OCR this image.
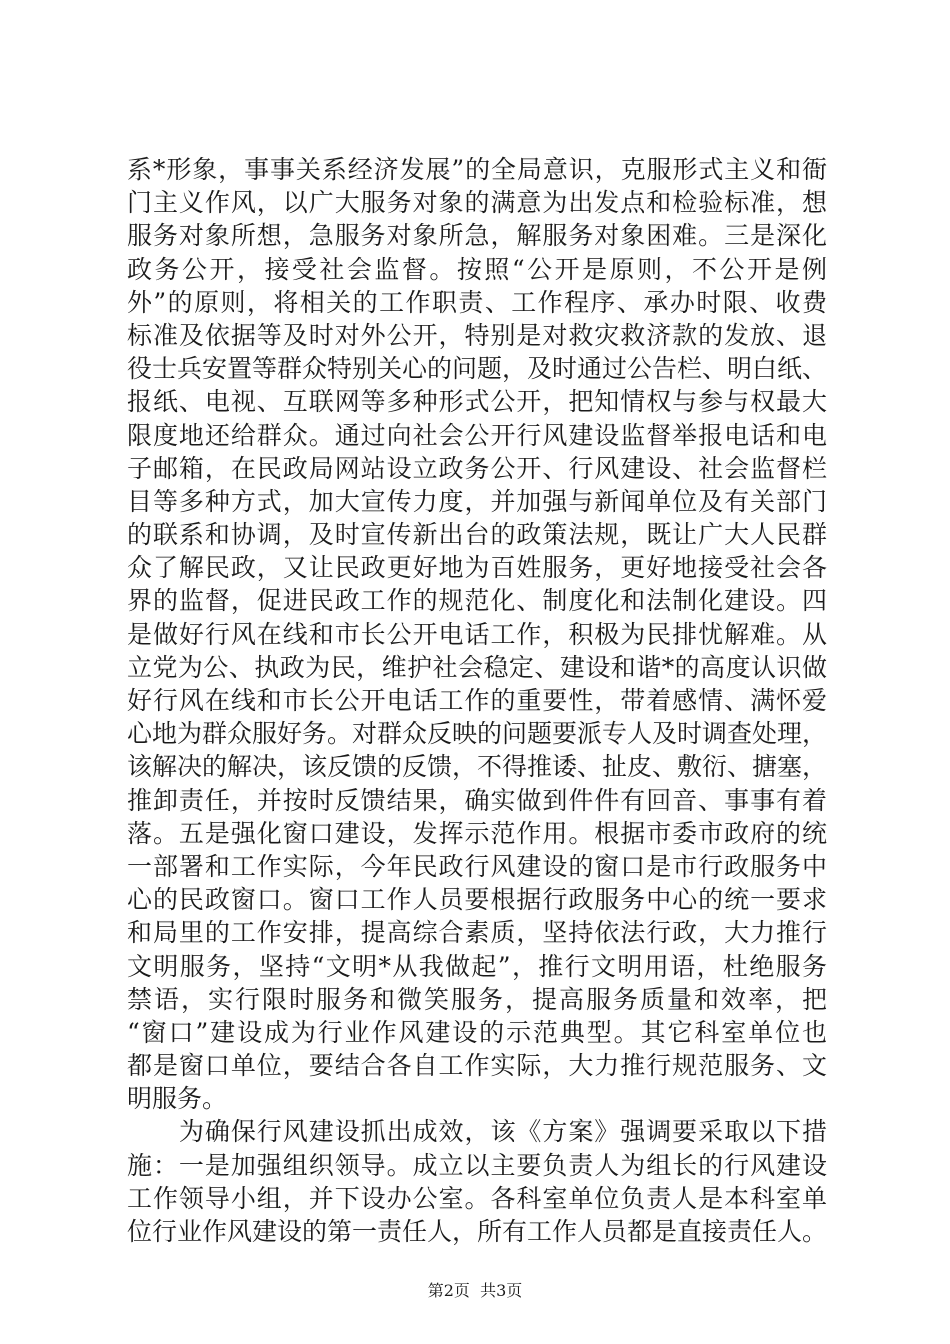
系*形象，事事关系经济发展”的全局意识，克服形式主义和衙
门主义作风，以广大服务对象的满意为出发点和检验标准，想
服务对象所想，急服务对象所急，解服务对象困难。三是深化
政务公开，接受社会监督。按照“公开是原则，不公开是例
外”的原则，将相关的工作职责、工作程序、承办时限、收费
标准及依据等及时对外公开，特别是对救灾救济款的发放、退
役士兵安置等群众特别关心的问题，及时通过公告栏、明白纸、
报纸、电视、互联网等多种形式公开，把知情权与参与权最大
限度地还给群众。通过向社会公开行风建设监督举报电话和电
子邮箱，在民政局网站设立政务公开、行风建设、社会监督栏
目等多种方式，加大宣传力度，并加强与新闻单位及有关部门
的联系和协调，及时宣传新出台的政策法规，既让广大人民群
众了解民政，又让民政更好地为百姓服务，更好地接受社会各
界的监督，促进民政工作的规范化、制度化和法制化建设。四
是做好行风在线和市长公开电话工作，积极为民排忧解难。从
立党为公、执政为民，维护社会稳定、建设和谐*的高度认识做
好行风在线和市长公开电话工作的重要性，带着感情、满怀爱
心地为群众服好务。对群众反映的问题要派专人及时调查处理，
该解决的解决，该反馈的反馈，不得推诿、扯皮、敷衍、搪塞，
推卸责任，并按时反馈结果，确实做到件件有回音、事事有着
落。五是强化窗口建设，发挥示范作用。根据市委市政府的统
一部署和工作实际，今年民政行风建设的窗口是市行政服务中
心的民政窗口。窗口工作人员要根据行政服务中心的统一要求
和局里的工作安排，提高综合素质，坚持依法行政，大力推行
文明服务，坚持“文明*从我做起”，推行文明用语，杜绝服务
禁语，实行限时服务和微笑服务，提高服务质量和效率，把
“窗口”建设成为行业作风建设的示范典型。其它科室单位也
都是窗口单位，要结合各自工作实际，大力推行规范服务、文
明服务。
　　为确保行风建设抓出成效，该《方案》强调要采取以下措
施：一是加强组织领导。成立以主要负责人为组长的行风建设
工作领导小组，并下设办公室。各科室单位负责人是本科室单
位行业作风建设的第一责任人，所有工作人员都是直接责任人。
第2页  共3页
